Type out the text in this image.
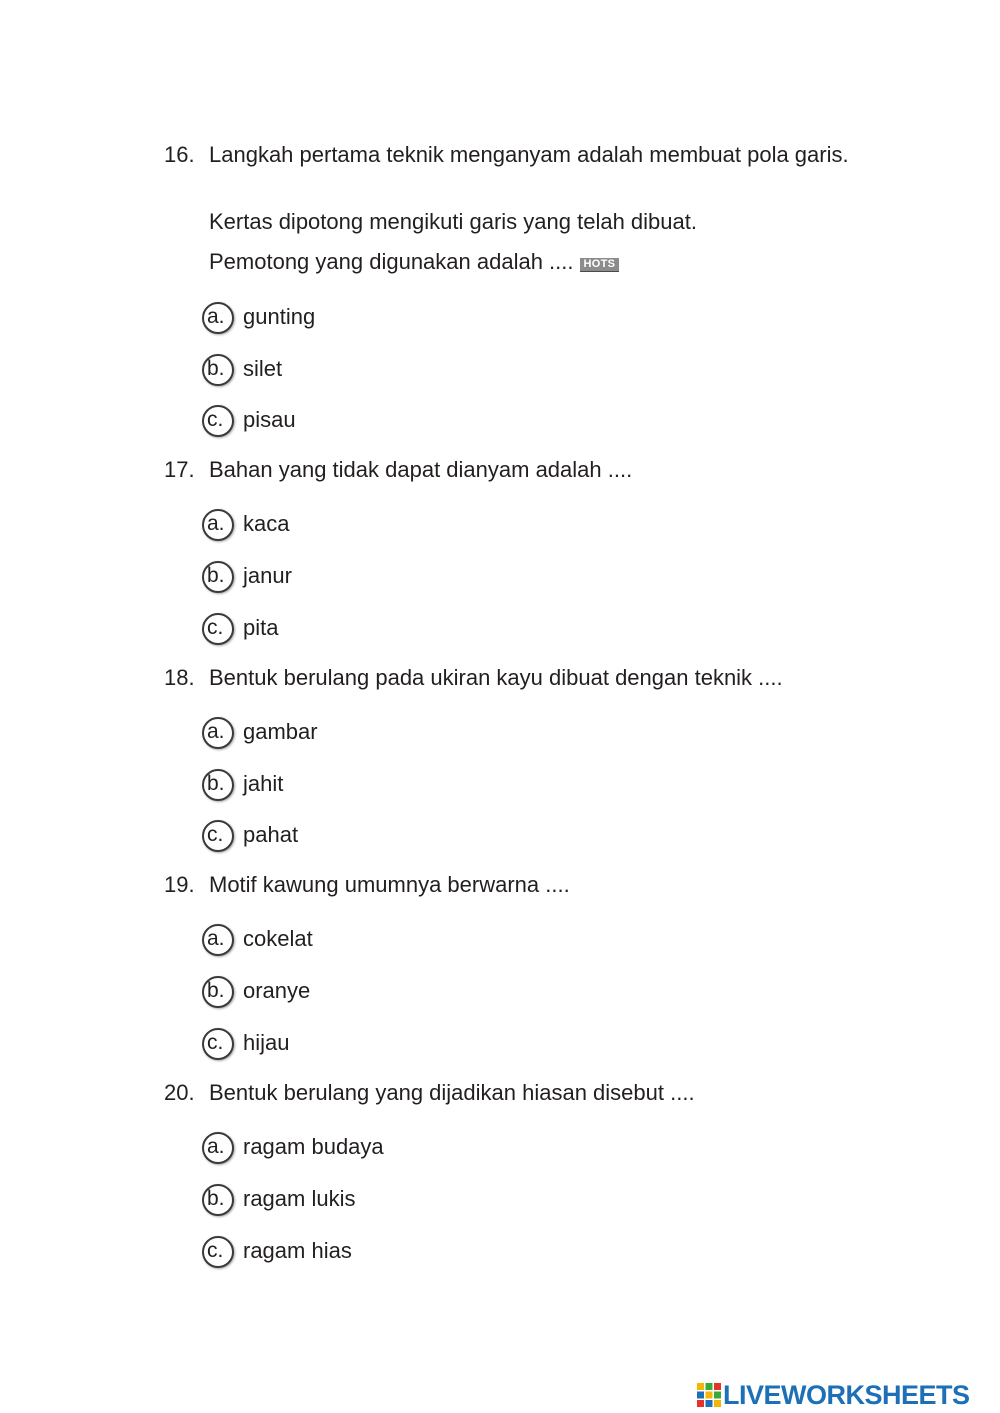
16. Langkah pertama teknik menganyam adalah membuat pola garis.
Kertas dipotong mengikuti garis yang telah dibuat.
Pemotong yang digunakan adalah .... HOTS
a. gunting
b. silet
c. pisau
17. Bahan yang tidak dapat dianyam adalah ....
a. kaca
b. janur
c. pita
18. Bentuk berulang pada ukiran kayu dibuat dengan teknik ....
a. gambar
b. jahit
c. pahat
19. Motif kawung umumnya berwarna ....
a. cokelat
b. oranye
c. hijau
20. Bentuk berulang yang dijadikan hiasan disebut ....
a. ragam budaya
b. ragam lukis
c. ragam hias
LIVEWORKSHEETS
